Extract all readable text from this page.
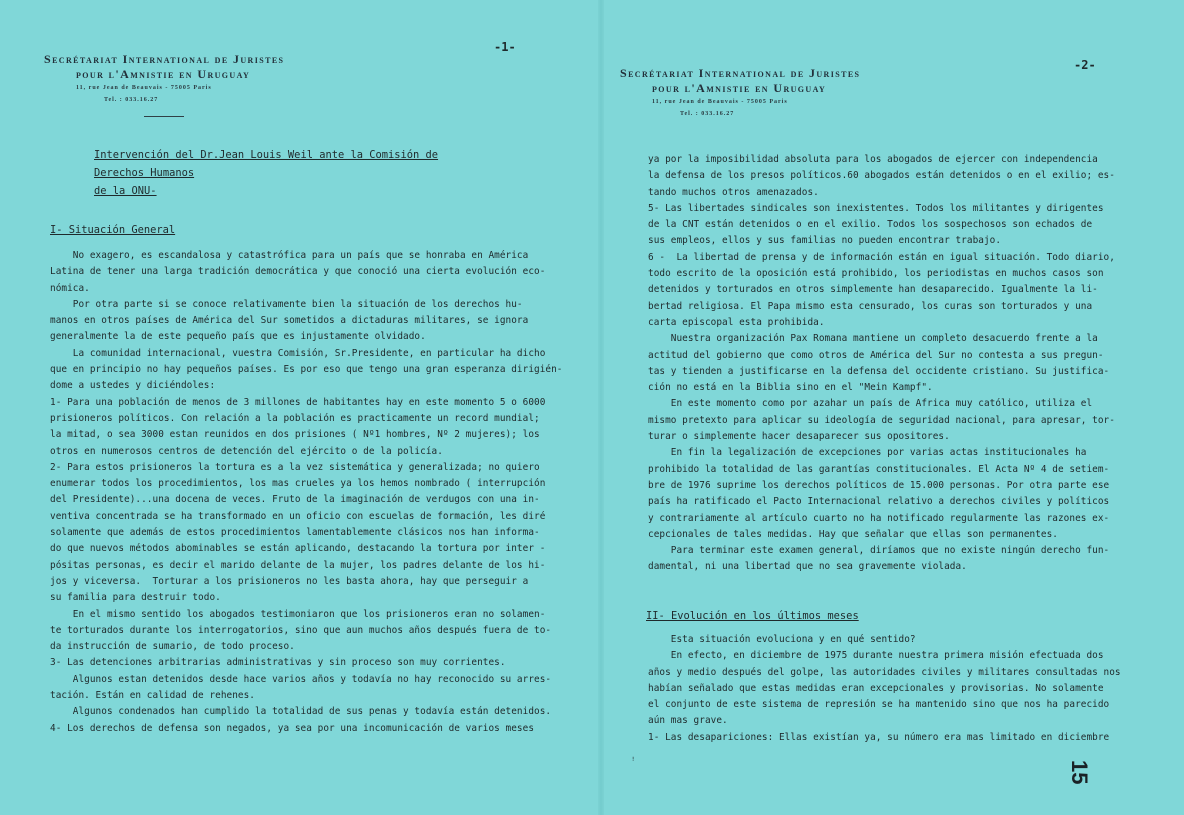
Secrétariat International de Juristes
pour l'Amnistie en Uruguay
11, rue Jean de Beauvais - 75005 Paris
Tel. : 033.16.27
-1-
Intervención del Dr.Jean Louis Weil ante la Comisión de Derechos Humanos
de la ONU-
I- Situación General

No exagero, es escandalosa y catastrófica para un país que se honraba en América

Latina de tener una larga tradición democrática y que conoció una cierta evolución eco-

nómica.

Por otra parte si se conoce relativamente bien la situación de los derechos hu-

manos en otros países de América del Sur sometidos a dictaduras militares, se ignora

generalmente la de este pequeño país que es injustamente olvidado.

La comunidad internacional, vuestra Comisión, Sr.Presidente, en particular ha dicho

que en principio no hay pequeños países. Es por eso que tengo una gran esperanza dirigién-

dome a ustedes y diciéndoles:

1- Para una población de menos de 3 millones de habitantes hay en este momento 5 o 6000

prisioneros políticos. Con relación a la población es practicamente un record mundial;

la mitad, o sea 3000 estan reunidos en dos prisiones ( Nº1 hombres, Nº 2 mujeres); los

otros en numerosos centros de detención del ejército o de la policía.

2- Para estos prisioneros la tortura es a la vez sistemática y generalizada; no quiero

enumerar todos los procedimientos, los mas crueles ya los hemos nombrado ( interrupción

del Presidente)...una docena de veces. Fruto de la imaginación de verdugos con una in-

ventiva concentrada se ha transformado en un oficio con escuelas de formación, les diré

solamente que además de estos procedimientos lamentablemente clásicos nos han informa-

do que nuevos métodos abominables se están aplicando, destacando la tortura por inter -

pósitas personas, es decir el marido delante de la mujer, los padres delante de los hi-

jos y viceversa.  Torturar a los prisioneros no les basta ahora, hay que perseguir a

su familia para destruir todo.

En el mismo sentido los abogados testimoniaron que los prisioneros eran no solamen-

te torturados durante los interrogatorios, sino que aun muchos años después fuera de to-

da instrucción de sumario, de todo proceso.

3- Las detenciones arbitrarias administrativas y sin proceso son muy corrientes.

Algunos estan detenidos desde hace varios años y todavía no hay reconocido su arres-

tación. Están en calidad de rehenes.

Algunos condenados han cumplido la totalidad de sus penas y todavía están detenidos.

4- Los derechos de defensa son negados, ya sea por una incomunicación de varios meses

Secrétariat International de Juristes
pour l'Amnistie en Uruguay
11, rue Jean de Beauvais - 75005 Paris
Tel. : 033.16.27
-2-

ya por la imposibilidad absoluta para los abogados de ejercer con independencia

la defensa de los presos políticos.60 abogados están detenidos o en el exilio; es-

tando muchos otros amenazados.

5- Las libertades sindicales son inexistentes. Todos los militantes y dirigentes

de la CNT están detenidos o en el exilio. Todos los sospechosos son echados de

sus empleos, ellos y sus familias no pueden encontrar trabajo.

6 -  La libertad de prensa y de información están en igual situación. Todo diario,

todo escrito de la oposición está prohibido, los periodistas en muchos casos son

detenidos y torturados en otros simplemente han desaparecido. Igualmente la li-

bertad religiosa. El Papa mismo esta censurado, los curas son torturados y una

carta episcopal esta prohibida.

Nuestra organización Pax Romana mantiene un completo desacuerdo frente a la

actitud del gobierno que como otros de América del Sur no contesta a sus pregun-

tas y tienden a justificarse en la defensa del occidente cristiano. Su justifica-

ción no está en la Biblia sino en el "Mein Kampf".

En este momento como por azahar un país de Africa muy católico, utiliza el

mismo pretexto para aplicar su ideología de seguridad nacional, para apresar, tor-

turar o simplemente hacer desaparecer sus opositores.

En fin la legalización de excepciones por varias actas institucionales ha

prohibido la totalidad de las garantías constitucionales. El Acta Nº 4 de setiem-

bre de 1976 suprime los derechos políticos de 15.000 personas. Por otra parte ese

país ha ratificado el Pacto Internacional relativo a derechos civiles y políticos

y contrariamente al artículo cuarto no ha notificado regularmente las razones ex-

cepcionales de tales medidas. Hay que señalar que ellas son permanentes.

Para terminar este examen general, diríamos que no existe ningún derecho fun-

damental, ni una libertad que no sea gravemente violada.

II- Evolución en los últimos meses

Esta situación evoluciona y en qué sentido?

En efecto, en diciembre de 1975 durante nuestra primera misión efectuada dos

años y medio después del golpe, las autoridades civiles y militares consultadas nos

habían señalado que estas medidas eran excepcionales y provisorias. No solamente

el conjunto de este sistema de represión se ha mantenido sino que nos ha parecido

aún mas grave.

1- Las desapariciones: Ellas existían ya, su número era mas limitado en diciembre

ꜝ	15
